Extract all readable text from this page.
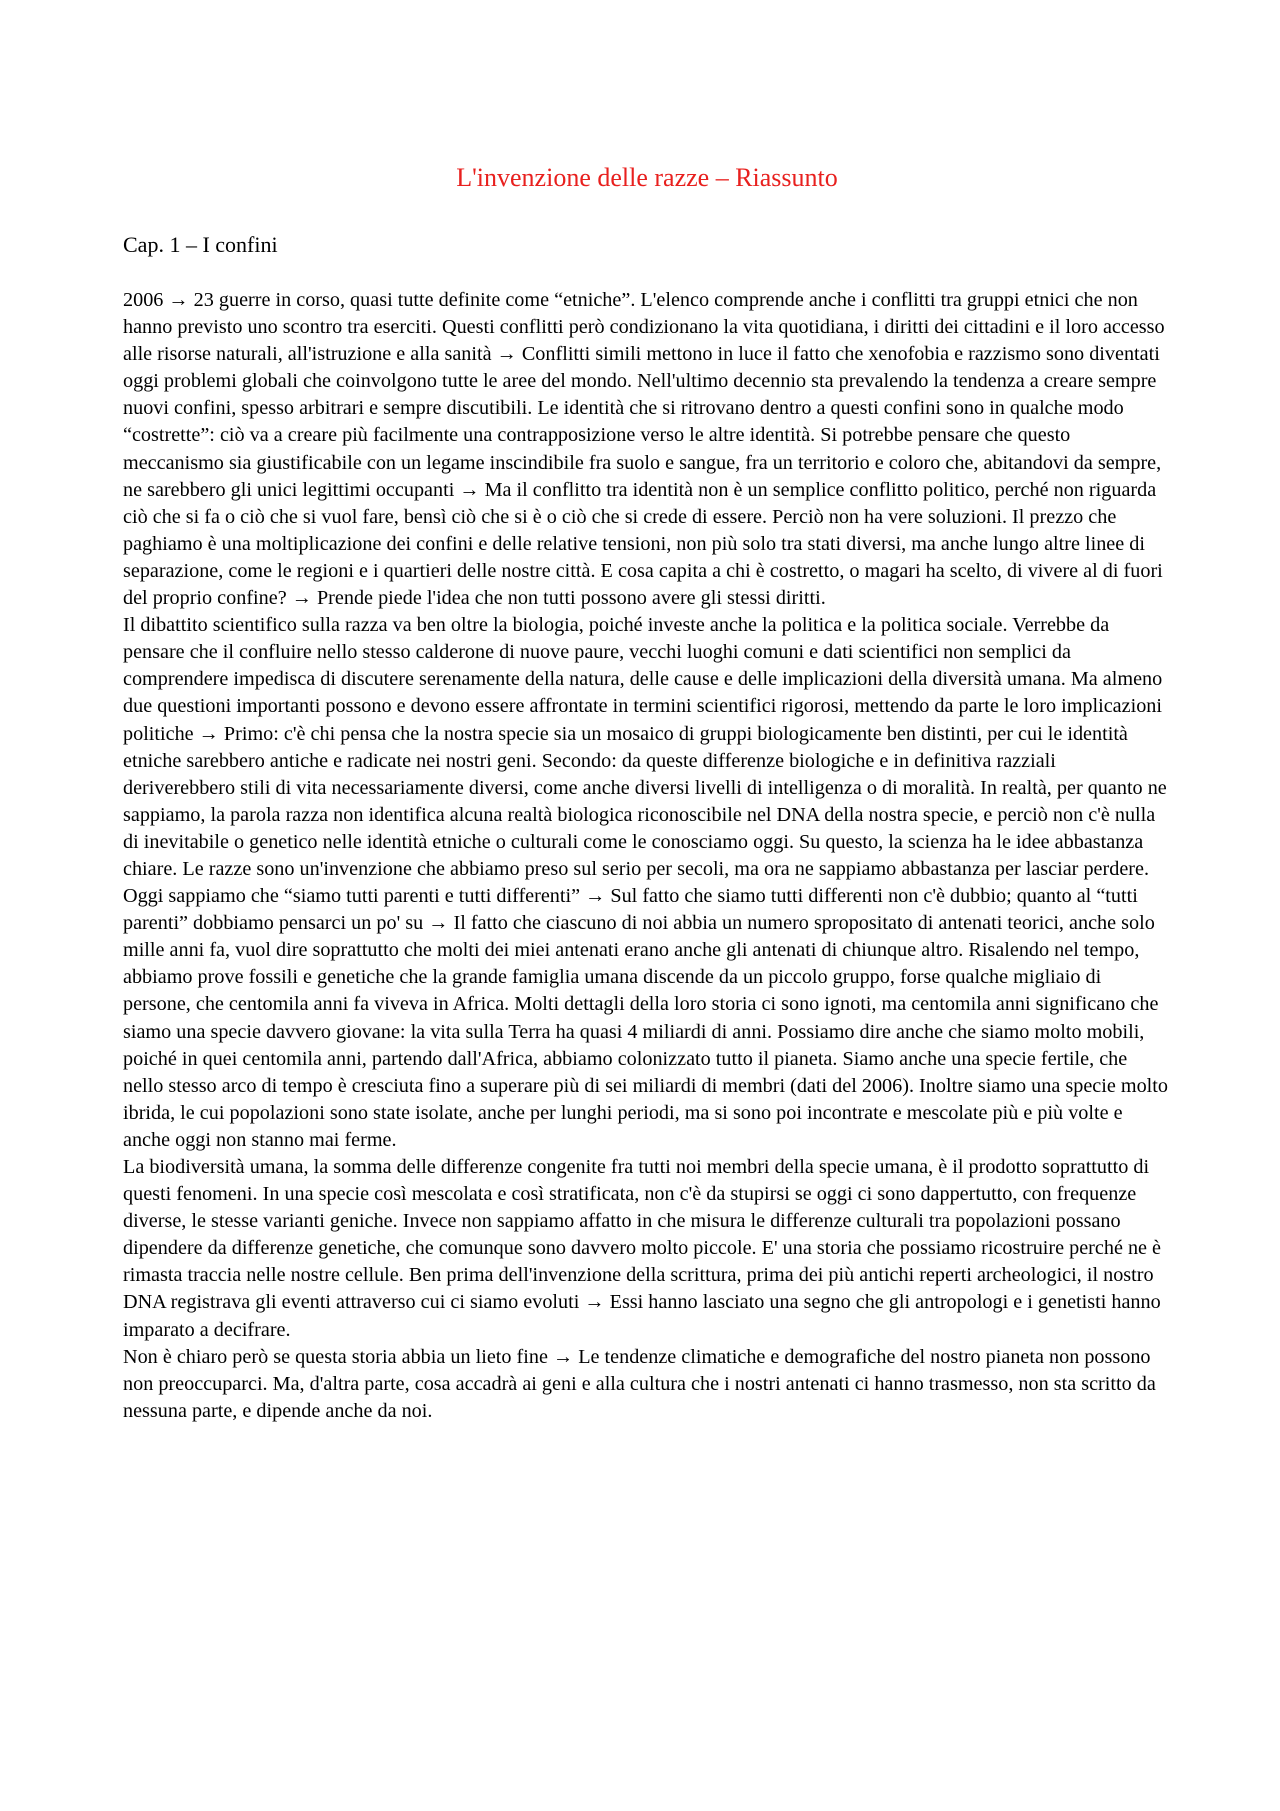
L'invenzione delle razze – Riassunto
Cap. 1 – I confini

2006 → 23 guerre in corso, quasi tutte definite come “etniche”. L'elenco comprende anche i conflitti tra gruppi etnici che non hanno previsto uno scontro tra eserciti. Questi conflitti però condizionano la vita quotidiana, i diritti dei cittadini e il loro accesso alle risorse naturali, all'istruzione e alla sanità → Conflitti simili mettono in luce il fatto che xenofobia e razzismo sono diventati oggi problemi globali che coinvolgono tutte le aree del mondo. Nell'ultimo decennio sta prevalendo la tendenza a creare sempre nuovi confini, spesso arbitrari e sempre discutibili. Le identità che si ritrovano dentro a questi confini sono in qualche modo “costrette”: ciò va a creare più facilmente una contrapposizione verso le altre identità. Si potrebbe pensare che questo meccanismo sia giustificabile con un legame inscindibile fra suolo e sangue, fra un territorio e coloro che, abitandovi da sempre, ne sarebbero gli unici legittimi occupanti → Ma il conflitto tra identità non è un semplice conflitto politico, perché non riguarda ciò che si fa o ciò che si vuol fare, bensì ciò che si è o ciò che si crede di essere. Perciò non ha vere soluzioni. Il prezzo che paghiamo è una moltiplicazione dei confini e delle relative tensioni, non più solo tra stati diversi, ma anche lungo altre linee di separazione, come le regioni e i quartieri delle nostre città. E cosa capita a chi è costretto, o magari ha scelto, di vivere al di fuori del proprio confine? → Prende piede l'idea che non tutti possono avere gli stessi diritti.

Il dibattito scientifico sulla razza va ben oltre la biologia, poiché investe anche la politica e la politica sociale. Verrebbe da pensare che il confluire nello stesso calderone di nuove paure, vecchi luoghi comuni e dati scientifici non semplici da comprendere impedisca di discutere serenamente della natura, delle cause e delle implicazioni della diversità umana. Ma almeno due questioni importanti possono e devono essere affrontate in termini scientifici rigorosi, mettendo da parte le loro implicazioni politiche → Primo: c'è chi pensa che la nostra specie sia un mosaico di gruppi biologicamente ben distinti, per cui le identità etniche sarebbero antiche e radicate nei nostri geni. Secondo: da queste differenze biologiche e in definitiva razziali deriverebbero stili di vita necessariamente diversi, come anche diversi livelli di intelligenza o di moralità. In realtà, per quanto ne sappiamo, la parola razza non identifica alcuna realtà biologica riconoscibile nel DNA della nostra specie, e perciò non c'è nulla di inevitabile o genetico nelle identità etniche o culturali come le conosciamo oggi. Su questo, la scienza ha le idee abbastanza chiare. Le razze sono un'invenzione che abbiamo preso sul serio per secoli, ma ora ne sappiamo abbastanza per lasciar perdere. Oggi sappiamo che “siamo tutti parenti e tutti differenti” → Sul fatto che siamo tutti differenti non c'è dubbio; quanto al “tutti parenti” dobbiamo pensarci un po' su → Il fatto che ciascuno di noi abbia un numero spropositato di antenati teorici, anche solo mille anni fa, vuol dire soprattutto che molti dei miei antenati erano anche gli antenati di chiunque altro. Risalendo nel tempo, abbiamo prove fossili e genetiche che la grande famiglia umana discende da un piccolo gruppo, forse qualche migliaio di persone, che centomila anni fa viveva in Africa. Molti dettagli della loro storia ci sono ignoti, ma centomila anni significano che siamo una specie davvero giovane: la vita sulla Terra ha quasi 4 miliardi di anni. Possiamo dire anche che siamo molto mobili, poiché in quei centomila anni, partendo dall'Africa, abbiamo colonizzato tutto il pianeta. Siamo anche una specie fertile, che nello stesso arco di tempo è cresciuta fino a superare più di sei miliardi di membri (dati del 2006). Inoltre siamo una specie molto ibrida, le cui popolazioni sono state isolate, anche per lunghi periodi, ma si sono poi incontrate e mescolate più e più volte e anche oggi non stanno mai ferme.

La biodiversità umana, la somma delle differenze congenite fra tutti noi membri della specie umana, è il prodotto soprattutto di questi fenomeni. In una specie così mescolata e così stratificata, non c'è da stupirsi se oggi ci sono dappertutto, con frequenze diverse, le stesse varianti geniche. Invece non sappiamo affatto in che misura le differenze culturali tra popolazioni possano dipendere da differenze genetiche, che comunque sono davvero molto piccole. E' una storia che possiamo ricostruire perché ne è rimasta traccia nelle nostre cellule. Ben prima dell'invenzione della scrittura, prima dei più antichi reperti archeologici, il nostro DNA registrava gli eventi attraverso cui ci siamo evoluti → Essi hanno lasciato una segno che gli antropologi e i genetisti hanno imparato a decifrare.

Non è chiaro però se questa storia abbia un lieto fine → Le tendenze climatiche e demografiche del nostro pianeta non possono non preoccuparci. Ma, d'altra parte, cosa accadrà ai geni e alla cultura che i nostri antenati ci hanno trasmesso, non sta scritto da nessuna parte, e dipende anche da noi.
